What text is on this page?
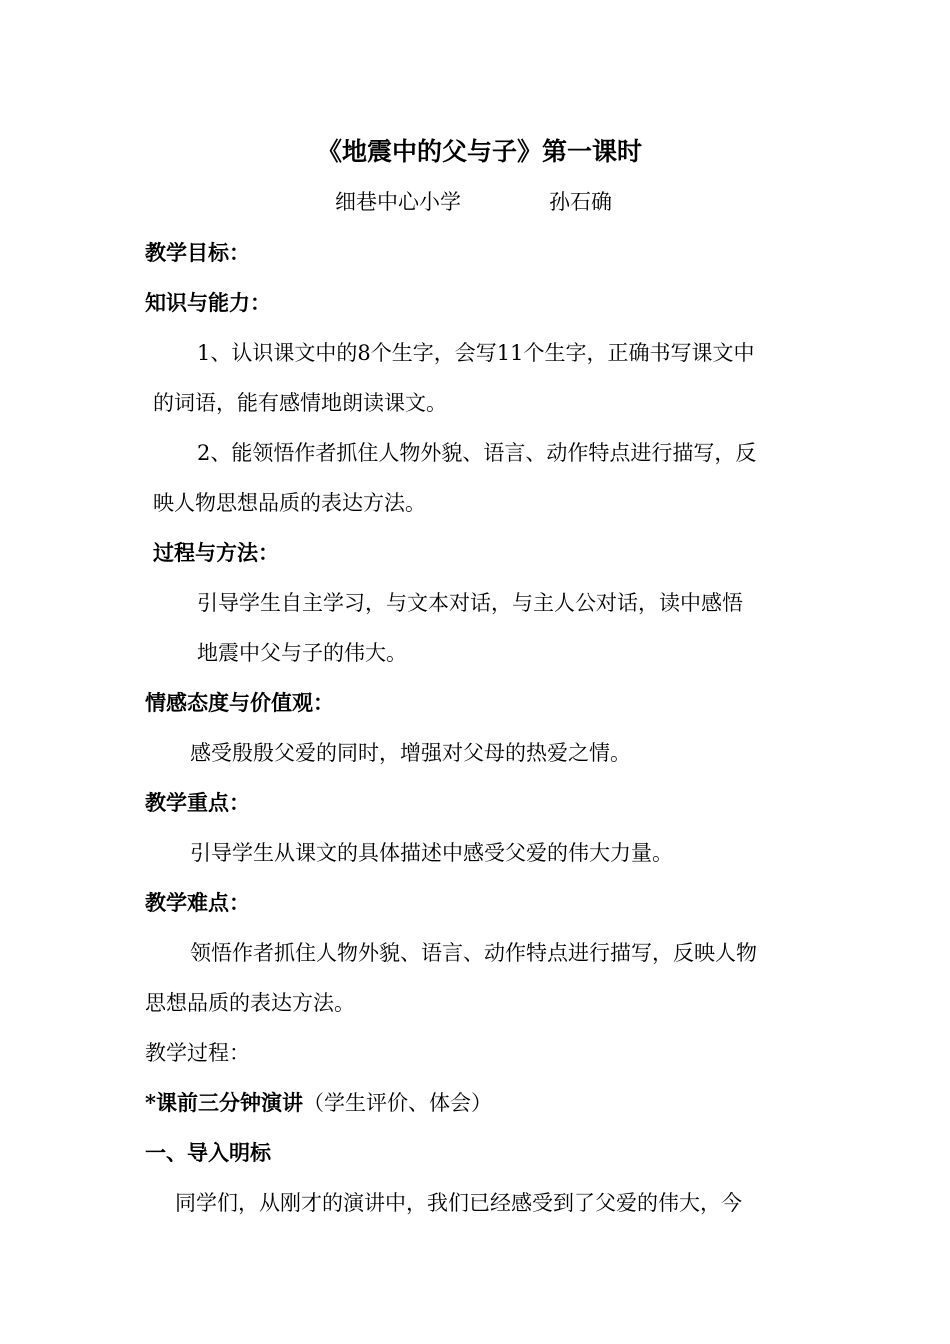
《地震中的父与子》第一课时
细巷中心小学	孙石确
教学目标：
知识与能力：
1、认识课文中的8个生字，会写11个生字，正确书写课文中
的词语，能有感情地朗读课文。
2、能领悟作者抓住人物外貌、语言、动作特点进行描写，反
映人物思想品质的表达方法。
过程与方法：
引导学生自主学习，与文本对话，与主人公对话，读中感悟
地震中父与子的伟大。
情感态度与价值观：
感受殷殷父爱的同时，增强对父母的热爱之情。
教学重点：
引导学生从课文的具体描述中感受父爱的伟大力量。
教学难点：
领悟作者抓住人物外貌、语言、动作特点进行描写，反映人物
思想品质的表达方法。
教学过程：
*课前三分钟演讲（学生评价、体会）
一、导入明标
同学们，从刚才的演讲中，我们已经感受到了父爱的伟大，今
